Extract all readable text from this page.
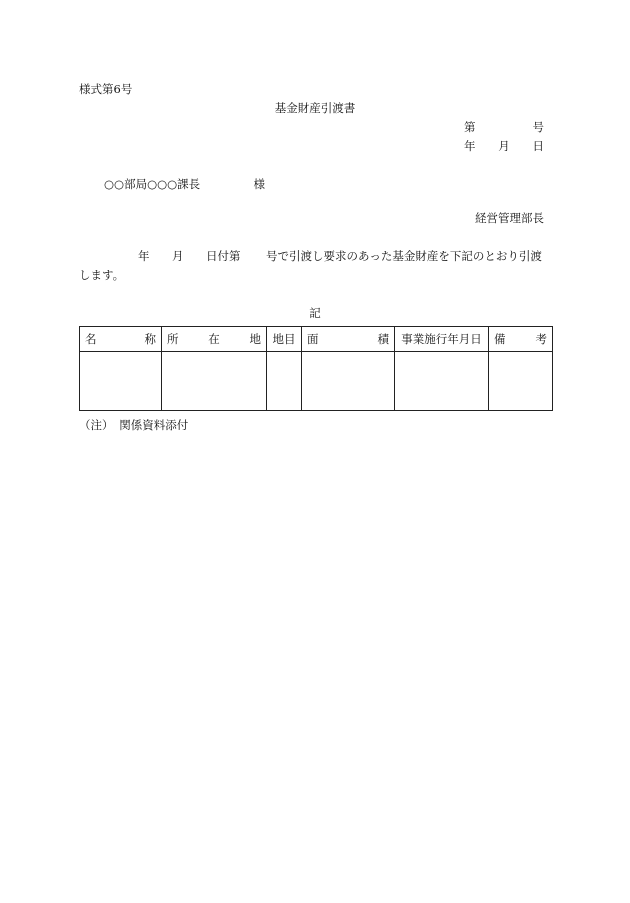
様式第6号
基金財産引渡書
第	号
年 月 日
○○部局○○○課長	様
経営管理部長
年 月 日付第 号で引渡し要求のあった基金財産を下記のとおり引渡
します。
記
名 称	所 在 地	地目	面 積	事業施行年月日	備 考

（注）　関係資料添付
